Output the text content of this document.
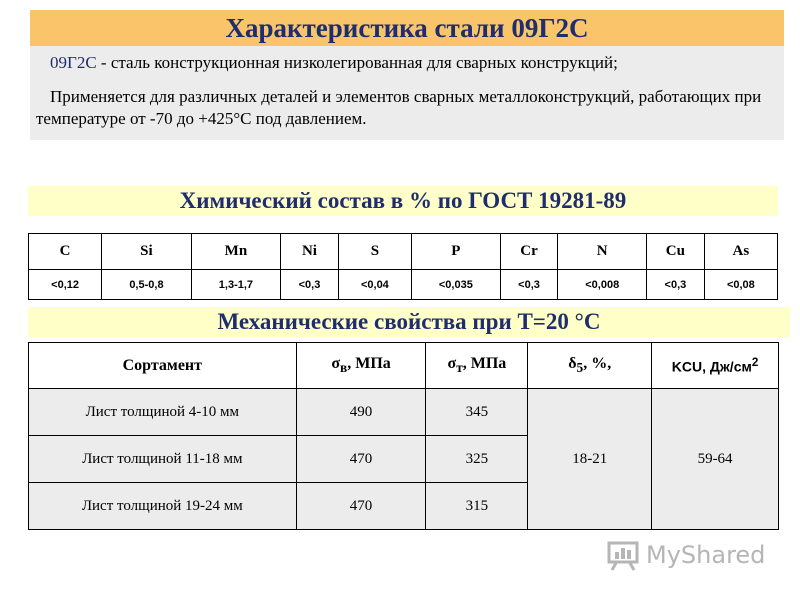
Характеристика стали 09Г2С

09Г2С - сталь конструкционная низколегированная для сварных конструкций;

Применяется для различных деталей и элементов сварных металлоконструкций, работающих при температуре от -70 до +425°С под давлением.

Химический состав в % по ГОСТ 19281-89
C	Si	Mn	Ni	S	P	Cr	N	Cu	As
<0,12	0,5-0,8	1,3-1,7	<0,3	<0,04	<0,035	<0,3	<0,008	<0,3	<0,08
Механические свойства при Т=20 °С
Сортамент	$\sigma_в$, МПа	$\sigma_т$, МПа	$\delta_5$, %,	KCU, $Дж/см^2$
Лист толщиной 4-10 мм	490	345	18-21	59-64
Лист толщиной 11-18 мм	470	325		
Лист толщиной 19-24 мм	470	315		
MyShared
